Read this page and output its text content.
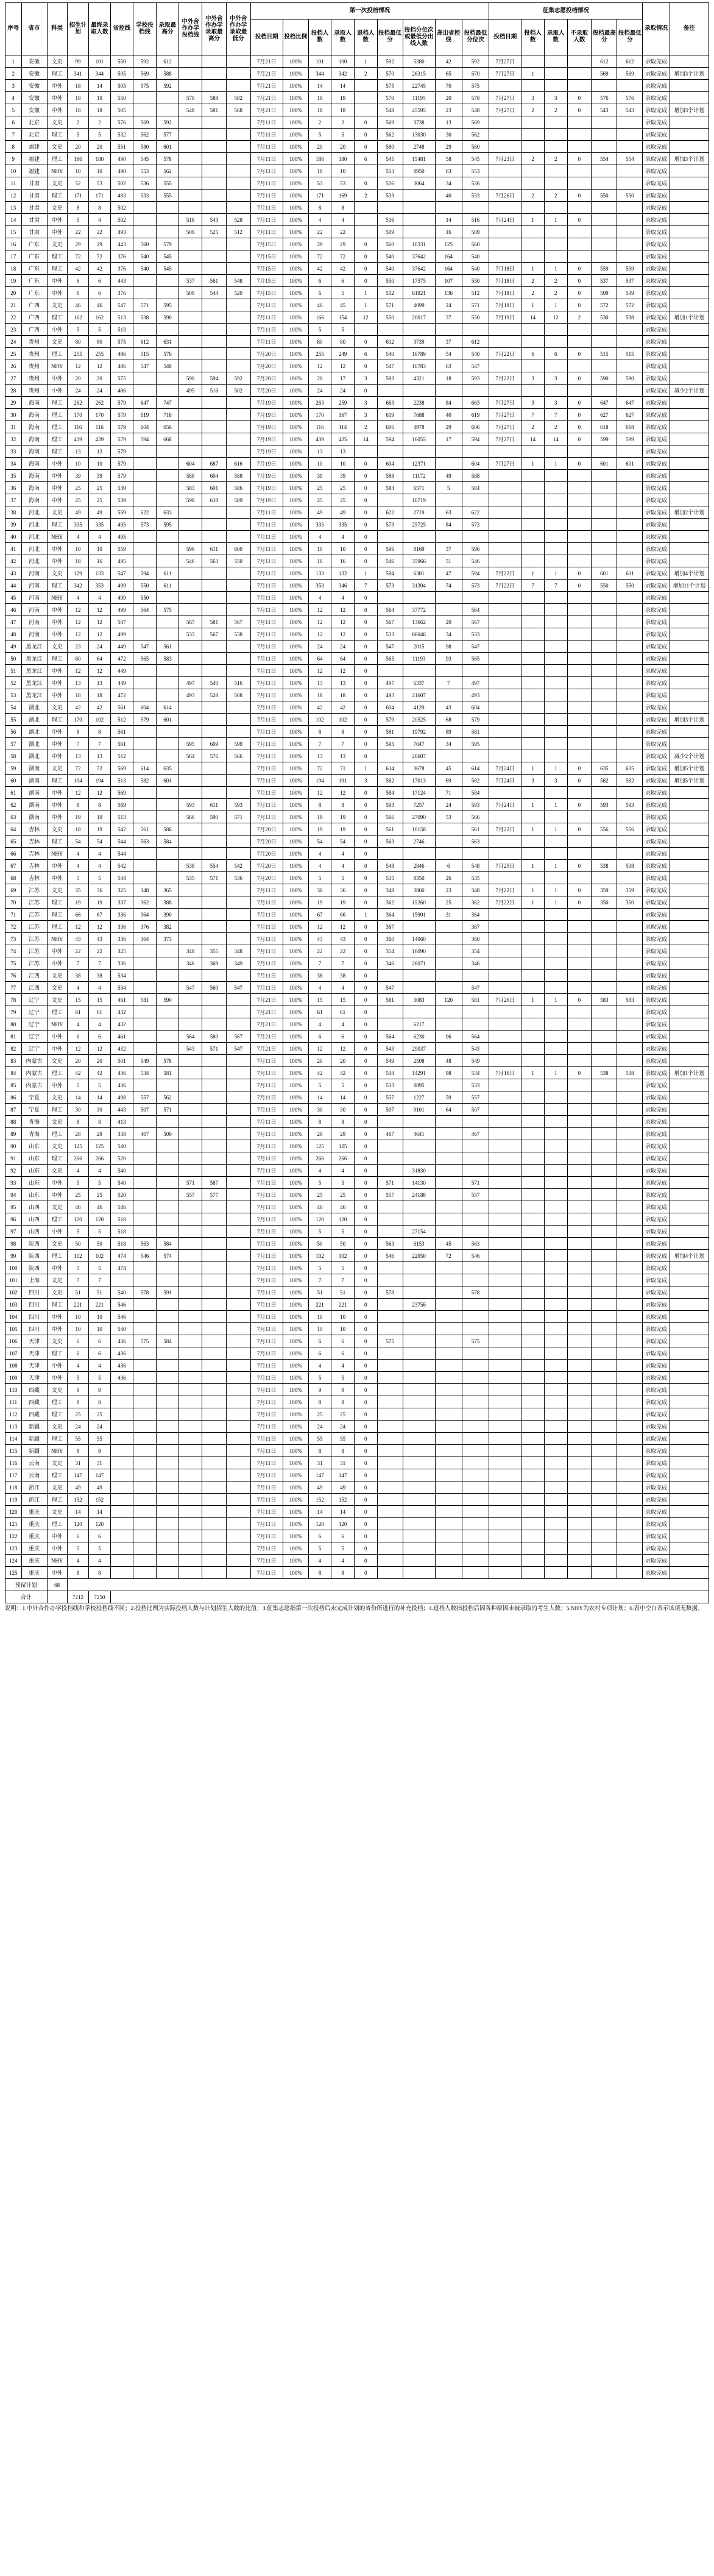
序号	省市	科类	招生计划	最终录取人数	省控线	学校投档线	录取最高分	中外合作办学投档线	中外合作办学录取最高分	中外合作办学录取最低分	第一次投档情况									征集志愿投档情况						录取情况	备注
											投档日期	投档比例	投档人数	录取人数	退档人数	投档最低分	投档分位次或最低分出线人数	高出省控线	投档最低分位次	投档日期	投档人数	录取人数	不录取人数	投档最高分	投档最低分		
1	安徽	文史	99	101	550	592	612				7月21日	100%	101	100	1	592	5380	42	592	7月27日				612	612	录取完成	
2	安徽	理工	341	344	505	569	588				7月21日	100%	344	342	2	570	26315	65	570	7月27日	1			569	569	录取完成	增加3个计划
3	安徽	中外	18	14	505	575	592				7月21日	100%	14	14		575	22745	70	575							录取完成	
4	安徽	中外	18	19	550			570	588	582	7月21日	100%	19	19		570	11195	20	570	7月27日	3	3	0	576	576	录取完成	
5	安徽	中外	18	18	505			548	581	568	7月21日	100%	18	18		548	45595	23	548	7月27日	2	2	0	543	543	录取完成	增加3个计划
6	北京	文史	2	2	576	569	592				7月11日	100%	2	2	0	569	3738	13	569							录取完成	
7	北京	理工	5	5	532	562	577				7月11日	100%	5	5	0	562	13030	30	562							录取完成	
8	福建	文史	20	20	551	580	601				7月11日	100%	20	20	0	580	2748	29	580							录取完成	
9	福建	理工	186	180	490	545	578				7月11日	100%	186	180	6	545	15481	58	545	7月23日	2	2	0	554	554	录取完成	增加3个计划
10	福建	NHY	10	10	490	553	562				7月11日	100%	10	10		553	8950	63	553							录取完成	
11	甘肃	文史	52	53	502	536	555				7月11日	100%	53	53	0	536	3064	34	536							录取完成	
12	甘肃	理工	171	171	493	533	555				7月11日	100%	171	169	2	533		40	533	7月26日	2	2	0	550	550	录取完成	
13	甘肃	文史	8	8	502						7月11日	100%	8	8												录取完成	
14	甘肃	中外	5	4	502			516	543	528	7月11日	100%	4	4		516		14	516	7月24日	1	1	0			录取完成	
15	甘肃	中外	22	22	493			509	525	512	7月11日	100%	22	22		509		16	509							录取完成	
16	广东	文史	29	29	443	560	579				7月15日	100%	29	29	0	560	10331	125	560							录取完成	
17	广东	理工	72	72	376	540	545				7月15日	100%	72	72	0	540	37642	164	540							录取完成	
18	广东	理工	42	42	376	540	545				7月15日	100%	42	42	0	540	37642	164	540	7月18日	1	1	0	559	559	录取完成	
19	广东	中外	6	6	443			537	561	548	7月15日	100%	6	6	0	550	17575	107	550	7月18日	2	2	0	537	537	录取完成	
20	广东	中外	6	6	376			509	544	520	7月15日	100%	6	5	1	512	61921	136	512	7月18日	2	2	0	509	509	录取完成	
21	广西	文史	46	46	547	571	595				7月11日	100%	46	45	1	571	4099	24	571	7月18日	1	1	0	572	572	录取完成	
22	广西	理工	162	162	513	538	590				7月11日	100%	166	154	12	550	20017	37	550	7月19日	14	12	2	530	538	录取完成	增加1个计划
23	广西	中外	5	5	513						7月11日	100%	5	5												录取完成	
24	贵州	文史	80	80	575	612	631				7月11日	100%	80	80	0	612	3739	37	612							录取完成	
25	贵州	理工	255	255	486	515	576				7月20日	100%	255	249	6	540	16789	54	540	7月22日	6	6	0	515	515	录取完成	
26	贵州	NHY	12	12	486	547	548				7月20日	100%	12	12	0	547	16783	63	547							录取完成	
27	贵州	中外	20	20	575			590	594	592	7月20日	100%	20	17	3	593	4321	18	593	7月22日	3	3	0	590	590	录取完成	
28	贵州	中外	24	24	486			495	516	502	7月20日	100%	24	24	0											录取完成	减少2个计划
29	海南	理工	262	262	579	647	747				7月19日	100%	263	259	3	663	2238	84	663	7月27日	3	3	0	647	647	录取完成	
30	海南	理工	170	170	579	619	718				7月19日	100%	170	167	3	619	7688	40	619	7月27日	7	7	0	627	627	录取完成	
31	海南	理工	116	116	579	604	656				7月19日	100%	116	114	2	606	4978	29	606	7月27日	2	2	0	618	618	录取完成	
32	海南	理工	439	439	579	594	668				7月19日	100%	439	425	14	594	16055	17	594	7月27日	14	14	0	599	599	录取完成	
33	海南	理工	13	13	579						7月19日	100%	13	13												录取完成	
34	海南	中外	10	10	579			604	687	616	7月19日	100%	10	10	0	604	12371		604	7月27日	1	1	0	601	601	录取完成	
35	海南	中外	39	39	579			588	604	588	7月19日	100%	39	39	0	588	11172	49	588							录取完成	
36	海南	中外	25	25	539			583	601	586	7月19日	100%	25	25	0	584	6571	5	584							录取完成	
37	海南	中外	25	25	539			598	618	589	7月19日	100%	25	25	0		16719									录取完成	
38	河北	文史	49	49	559	622	633				7月11日	100%	49	49	0	622	2719	63	622							录取完成	增加2个计划
39	河北	理工	335	335	495	573	595				7月11日	100%	335	335	0	573	25725	84	573							录取完成	
40	河北	NHY	4	4	495						7月11日	100%	4	4	0											录取完成	
41	河北	中外	10	10	559			596	611	600	7月11日	100%	10	10	0	596	8169	37	596							录取完成	
42	河北	中外	18	16	495			546	563	550	7月11日	100%	16	16	0	546	35966	51	546							录取完成	
43	河南	文史	129	133	547	594	611				7月11日	100%	133	132	1	594	6301	47	594	7月22日	1	1	0	601	601	录取完成	增加4个计划
44	河南	理工	342	353	499	550	611				7月11日	100%	353	346	7	573	31304	74	573	7月22日	7	7	0	550	550	录取完成	增加11个计划
45	河南	NHY	4	4	499	550					7月11日	100%	4	4	0											录取完成	
46	河南	中外	12	12	499	564	575				7月11日	100%	12	12	0	564	37772		564							录取完成	
47	河南	中外	12	12	547			567	581	567	7月11日	100%	12	12	0	567	13662	20	567							录取完成	
48	河南	中外	12	12	499			533	567	538	7月11日	100%	12	12	0	533	66046	34	533							录取完成	
49	黑龙江	文史	23	24	449	547	561				7月11日	100%	24	24	0	547	2015	98	547							录取完成	
50	黑龙江	理工	60	64	472	565	583				7月11日	100%	64	64	0	565	11193	93	565							录取完成	
51	黑龙江	中外	12	12	449						7月11日	100%	12	12	0											录取完成	
52	黑龙江	中外	13	13	449			497	540	516	7月11日	100%	13	13	0	497	6337	7	497							录取完成	
53	黑龙江	中外	18	18	472			493	528	508	7月11日	100%	18	18	0	493	21607		493							录取完成	
54	湖北	文史	42	42	561	604	614				7月11日	100%	42	42	0	604	4129	43	604							录取完成	
55	湖北	理工	170	102	512	579	601				7月11日	100%	102	102	0	579	20525	68	579							录取完成	增加3个计划
56	湖北	中外	8	8	561						7月11日	100%	8	8	0	581	19792	89	581							录取完成	
57	湖北	中外	7	7	561			595	609	599	7月11日	100%	7	7	0	595	7047	34	595							录取完成	
58	湖北	中外	13	13	512			564	576	566	7月11日	100%	13	13	0		26607									录取完成	减少2个计划
59	湖南	文史	72	72	569	614	635				7月11日	100%	72	71	1	614	3678	45	614	7月24日	1	1	0	635	635	录取完成	增加5个计划
60	湖南	理工	194	194	513	582	601				7月11日	100%	194	191	3	582	17013	69	582	7月24日	3	3	0	582	582	录取完成	增加5个计划
61	湖南	中外	12	12	569						7月11日	100%	12	12	0	584	17124	71	584							录取完成	
62	湖南	中外	8	8	569			593	611	593	7月11日	100%	8	8	0	593	7257	24	593	7月24日	1	1	0	593	593	录取完成	
63	湖南	中外	19	19	513			566	590	571	7月11日	100%	19	19	0	566	27090	53	566							录取完成	
64	吉林	文史	18	19	542	561	586				7月20日	100%	19	19	0	561	10158		561	7月22日	1	1	0	556	556	录取完成	
65	吉林	理工	54	54	544	563	584				7月20日	100%	54	54	0	563	2746		563							录取完成	
66	吉林	NHY	4	4	544						7月20日	100%	4	4	0											录取完成	
67	吉林	中外	4	4	542			538	554	542	7月20日	100%	4	4	0	548	2846	6	548	7月25日	1	1	0	538	538	录取完成	
68	吉林	中外	5	5	544			535	571	536	7月20日	100%	5	5	0	535	8350	26	535							录取完成	
69	江苏	文史	35	36	325	348	365				7月11日	100%	36	36	0	348	3860	23	348	7月22日	1	1	0	359	359	录取完成	
70	江苏	理工	19	19	337	362	388				7月11日	100%	19	19	0	362	15260	25	362	7月22日	1	1	0	350	350	录取完成	
71	江苏	理工	66	67	336	364	390				7月11日	100%	67	66	1	364	15901	31	364							录取完成	
72	江苏	理工	12	12	336	376	382				7月11日	100%	12	12	0	367			367							录取完成	
73	江苏	NHY	43	43	336	364	373				7月11日	100%	43	43	0	360	14060		360							录取完成	
74	江苏	中外	22	22	325			348	355	348	7月11日	100%	22	22	0	354	16090		354							录取完成	
75	江苏	中外	7	7	336			346	369	349	7月11日	100%	7	7	0	346	26071		346							录取完成	
76	江西	文史	38	38	534						7月11日	100%	38	38	0											录取完成	
77	江西	文史	4	4	534			547	560	547	7月11日	100%	4	4	0	547			547							录取完成	
78	辽宁	文史	15	15	461	581	590				7月21日	100%	15	15	0	581	3083	120	581	7月26日	1	1	0	583	583	录取完成	
79	辽宁	理工	61	61	432						7月21日	100%	61	61	0											录取完成	
80	辽宁	NHY	4	4	432						7月21日	100%	4	4	0		6217									录取完成	
81	辽宁	中外	6	6	461			564	580	567	7月21日	100%	6	6	0	564	6230	96	564							录取完成	
82	辽宁	中外	12	12	432			543	571	547	7月21日	100%	12	12	0	543	29037		543							录取完成	
83	内蒙古	文史	20	20	501	549	578				7月11日	100%	20	20	0	549	2508	48	549							录取完成	
84	内蒙古	理工	42	42	436	534	581				7月11日	100%	42	42	0	534	14291	98	534	7月16日	1	1	0	538	538	录取完成	增加1个计划
85	内蒙古	中外	5	5	436						7月11日	100%	5	5	0	533	8895		533							录取完成	
86	宁夏	文史	14	14	498	557	562				7月11日	100%	14	14	0	557	1227	59	557							录取完成	
87	宁夏	理工	30	30	443	507	571				7月11日	100%	30	30	0	507	9101	64	507							录取完成	
88	青海	文史	8	8	413						7月11日	100%	8	8	0											录取完成	
89	青海	理工	28	29	338	467	509				7月11日	100%	29	29	0	467	4641		467							录取完成	
90	山东	文史	125	125	540						7月11日	100%	125	125	0											录取完成	
91	山东	理工	266	266	520						7月11日	100%	266	266	0											录取完成	
92	山东	文史	4	4	540						7月11日	100%	4	4	0		31830									录取完成	
93	山东	中外	5	5	540			571	587		7月11日	100%	5	5	0	571	14130		571							录取完成	
94	山东	中外	25	25	520			557	577		7月11日	100%	25	25	0	557	24188		557							录取完成	
95	山西	文史	46	46	546						7月11日	100%	46	46	0											录取完成	
96	山西	理工	120	120	518						7月11日	100%	120	120	0											录取完成	
97	山西	中外	5	5	518						7月11日	100%	5	5	0		27154									录取完成	
98	陕西	文史	50	50	518	563	584				7月11日	100%	50	50	0	563	6153	45	563							录取完成	
99	陕西	理工	102	102	474	546	574				7月11日	100%	102	102	0	546	22050	72	546							录取完成	增加4个计划
100	陕西	中外	5	5	474						7月11日	100%	5	5	0											录取完成	
101	上海	文史	7	7							7月11日	100%	7	7	0											录取完成	
102	四川	文史	51	51	540	578	591				7月11日	100%	51	51	0	578			578							录取完成	
103	四川	理工	221	221	546						7月11日	100%	221	221	0		23756									录取完成	
104	四川	中外	10	10	546						7月11日	100%	10	10	0											录取完成	
105	四川	中外	10	10	540						7月11日	100%	10	10	0											录取完成	
106	天津	文史	6	6	436	575	584				7月11日	100%	6	6	0	575			575							录取完成	
107	天津	理工	6	6	436						7月11日	100%	6	6	0											录取完成	
108	天津	中外	4	4	436						7月11日	100%	4	4	0											录取完成	
109	天津	中外	5	5	436						7月11日	100%	5	5	0											录取完成	
110	西藏	文史	9	9							7月11日	100%	9	9	0											录取完成	
111	西藏	理工	8	8							7月11日	100%	8	8	0											录取完成	
112	西藏	理工	25	25							7月11日	100%	25	25	0											录取完成	
113	新疆	文史	24	24							7月11日	100%	24	24	0											录取完成	
114	新疆	理工	55	55							7月11日	100%	55	55	0											录取完成	
115	新疆	NHY	8	8							7月11日	100%	8	8	0											录取完成	
116	云南	文史	31	31							7月11日	100%	31	31	0											录取完成	
117	云南	理工	147	147							7月11日	100%	147	147	0											录取完成	
118	浙江	文史	49	49							7月11日	100%	49	49	0											录取完成	
119	浙江	理工	152	152							7月11日	100%	152	152	0											录取完成	
120	重庆	文史	14	14							7月11日	100%	14	14	0											录取完成	
121	重庆	理工	120	120							7月11日	100%	120	120	0											录取完成	
122	重庆	中外	6	6							7月11日	100%	6	6	0											录取完成	
123	重庆	中外	5	5							7月11日	100%	5	5	0											录取完成	
124	重庆	NHY	4	4							7月11日	100%	4	4	0											录取完成	
125	重庆	中外	8	8							7月11日	100%	8	8	0											录取完成	
预留计划		68																									
合计			7212	7250																							
说明：1.中外合作办学投档线和学校投档线不同；2.投档比例为实际投档人数与计划招生人数的比值；3.征集志愿指第一次投档后未完成计划的省份所进行的补充投档；4.退档人数指投档后因各种原因未被录取的考生人数；5.NHY为农村专项计划；6.表中空白表示该项无数据。
